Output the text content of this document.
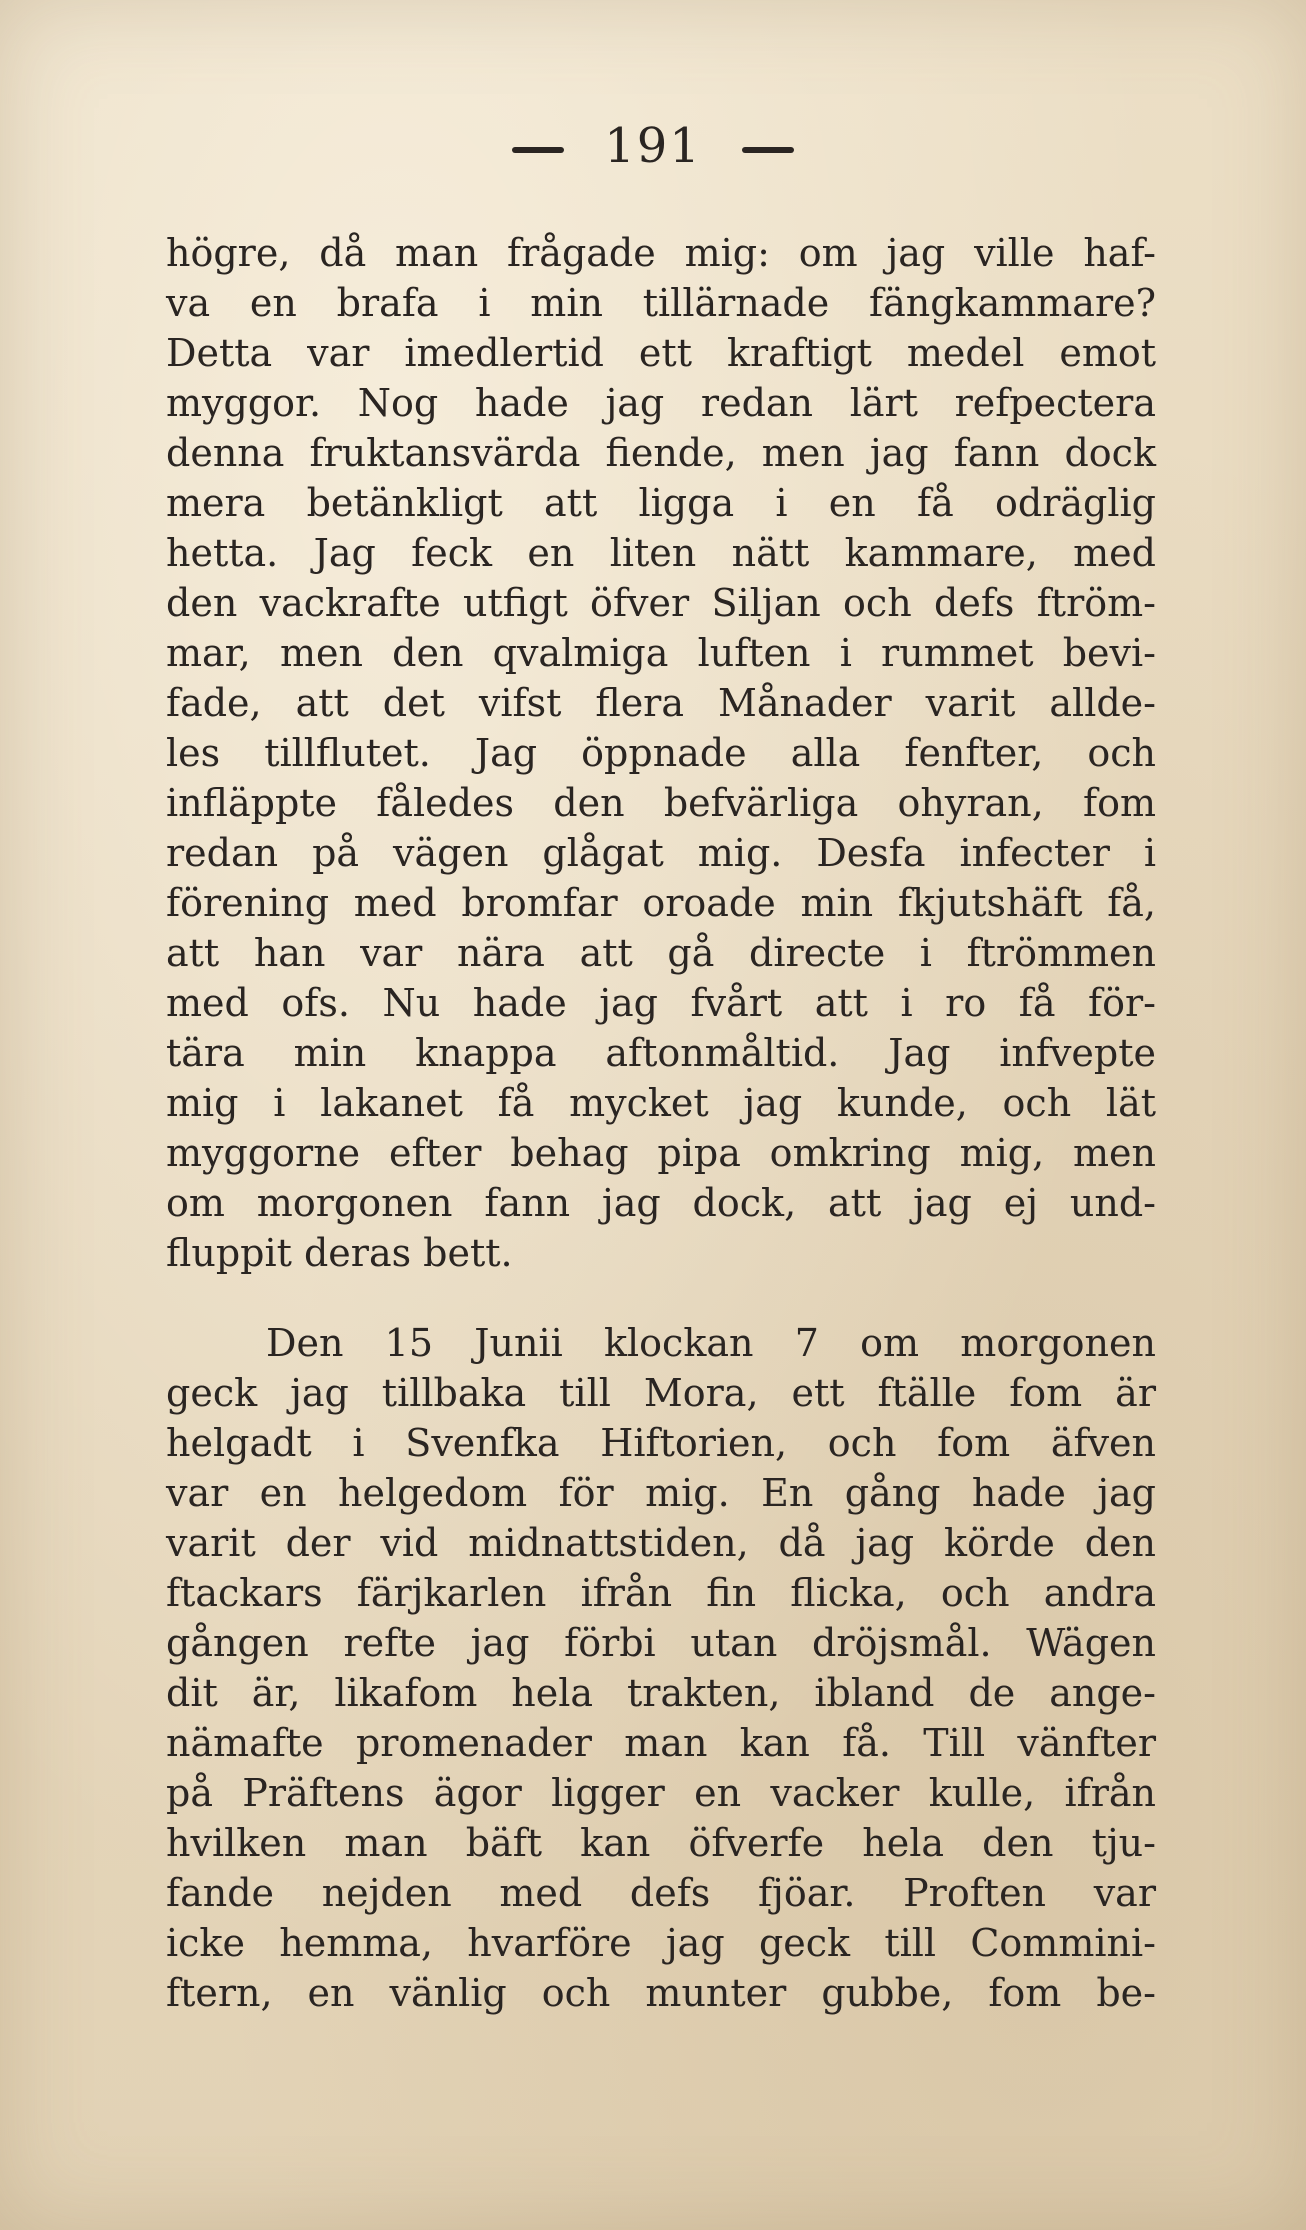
191
högre, då man frågade mig: om jag ville haf-
va en brafa i min tillärnade fängkammare?
Detta var imedlertid ett kraftigt medel emot
myggor. Nog hade jag redan lärt refpectera
denna fruktansvärda fiende, men jag fann dock
mera betänkligt att ligga i en få odräglig
hetta. Jag feck en liten nätt kammare, med
den vackrafte utfigt öfver Siljan och defs ftröm-
mar, men den qvalmiga luften i rummet bevi-
fade, att det vifst flera Månader varit allde-
les tillflutet. Jag öppnade alla fenfter, och
infläppte fåledes den befvärliga ohyran, fom
redan på vägen glågat mig. Desfa infecter i
förening med bromfar oroade min fkjutshäft få,
att han var nära att gå directe i ftrömmen
med ofs. Nu hade jag fvårt att i ro få för-
tära min knappa aftonmåltid. Jag infvepte
mig i lakanet få mycket jag kunde, och lät
myggorne efter behag pipa omkring mig, men
om morgonen fann jag dock, att jag ej und-
fluppit deras bett.
Den 15 Junii klockan 7 om morgonen
geck jag tillbaka till Mora, ett ftälle fom är
helgadt i Svenfka Hiftorien, och fom äfven
var en helgedom för mig. En gång hade jag
varit der vid midnattstiden, då jag körde den
ftackars färjkarlen ifrån fin flicka, och andra
gången refte jag förbi utan dröjsmål. Wägen
dit är, likafom hela trakten, ibland de ange-
nämafte promenader man kan få. Till vänfter
på Präftens ägor ligger en vacker kulle, ifrån
hvilken man bäft kan öfverfe hela den tju-
fande nejden med defs fjöar. Proften var
icke hemma, hvarföre jag geck till Commini-
ftern, en vänlig och munter gubbe, fom be-
